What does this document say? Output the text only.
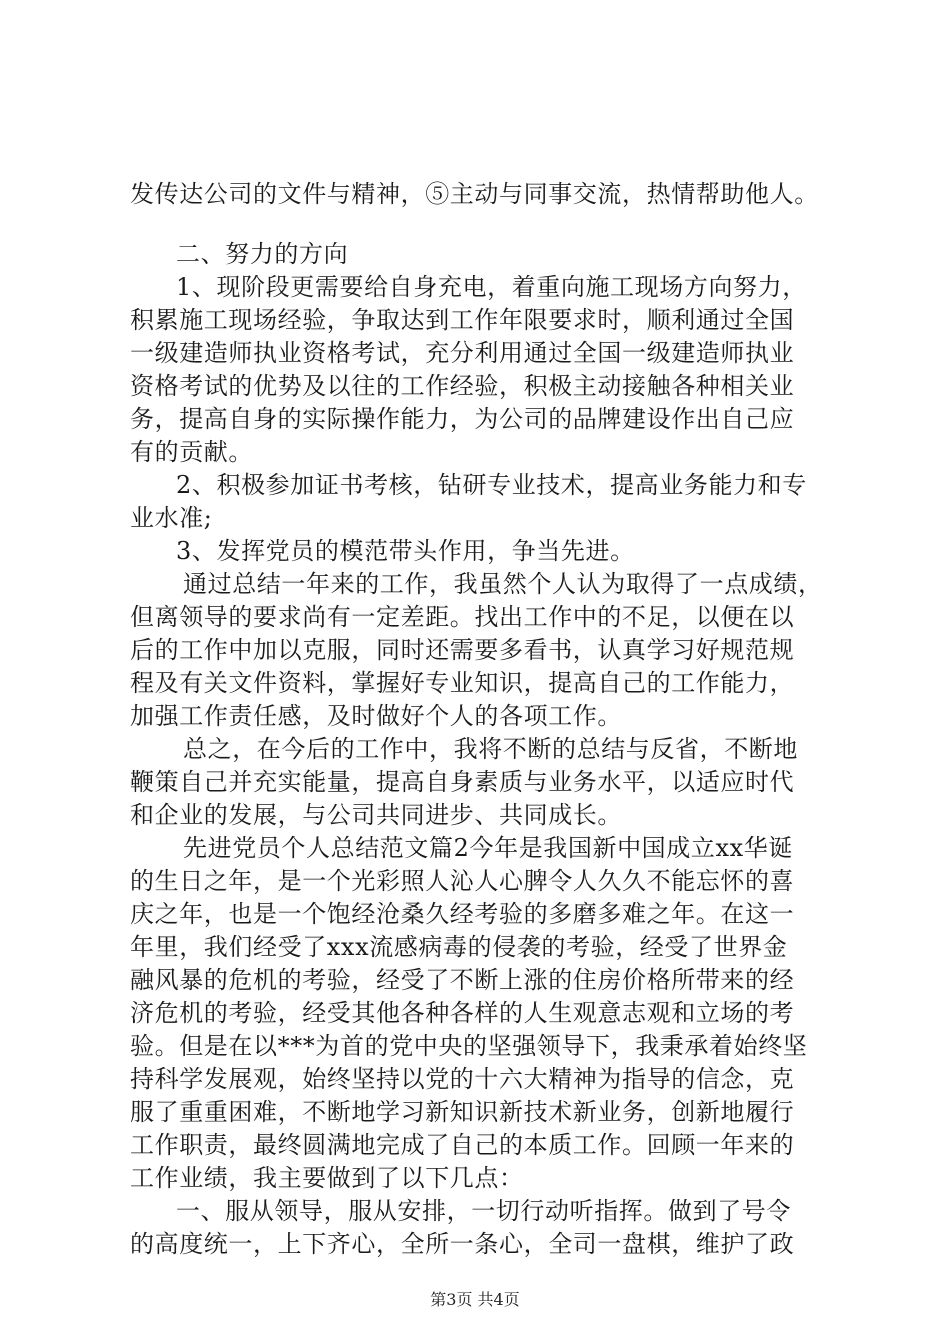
发传达公司的文件与精神，⑤主动与同事交流，热情帮助他人。
二、努力的方向
1、现阶段更需要给自身充电，着重向施工现场方向努力，
积累施工现场经验，争取达到工作年限要求时，顺利通过全国
一级建造师执业资格考试，充分利用通过全国一级建造师执业
资格考试的优势及以往的工作经验，积极主动接触各种相关业
务，提高自身的实际操作能力，为公司的品牌建设作出自己应
有的贡献。
2、积极参加证书考核，钻研专业技术，提高业务能力和专
业水准;
3、发挥党员的模范带头作用，争当先进。
通过总结一年来的工作，我虽然个人认为取得了一点成绩，
但离领导的要求尚有一定差距。找出工作中的不足，以便在以
后的工作中加以克服，同时还需要多看书，认真学习好规范规
程及有关文件资料，掌握好专业知识，提高自己的工作能力，
加强工作责任感，及时做好个人的各项工作。
总之，在今后的工作中，我将不断的总结与反省，不断地
鞭策自己并充实能量，提高自身素质与业务水平，以适应时代
和企业的发展，与公司共同进步、共同成长。
先进党员个人总结范文篇2今年是我国新中国成立xx华诞
的生日之年，是一个光彩照人沁人心脾令人久久不能忘怀的喜
庆之年，也是一个饱经沧桑久经考验的多磨多难之年。在这一
年里，我们经受了xxx流感病毒的侵袭的考验，经受了世界金
融风暴的危机的考验，经受了不断上涨的住房价格所带来的经
济危机的考验，经受其他各种各样的人生观意志观和立场的考
验。但是在以***为首的党中央的坚强领导下，我秉承着始终坚
持科学发展观，始终坚持以党的十六大精神为指导的信念，克
服了重重困难，不断地学习新知识新技术新业务，创新地履行
工作职责，最终圆满地完成了自己的本质工作。回顾一年来的
工作业绩，我主要做到了以下几点：
一、服从领导，服从安排，一切行动听指挥。做到了号令
的高度统一，上下齐心，全所一条心，全司一盘棋，维护了政
第3页 共4页
